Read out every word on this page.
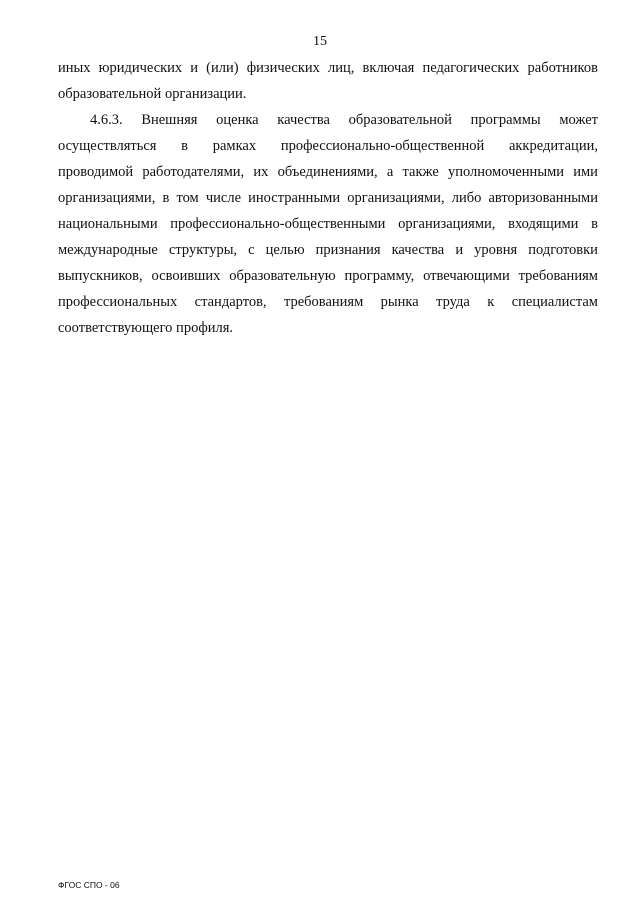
15
иных юридических и (или) физических лиц, включая педагогических работников
образовательной организации.
4.6.3. Внешняя оценка качества образовательной программы может
осуществляться в рамках профессионально-общественной аккредитации,
проводимой работодателями, их объединениями, а также уполномоченными ими
организациями, в том числе иностранными организациями, либо авторизованными
национальными профессионально-общественными организациями, входящими в
международные структуры, с целью признания качества и уровня подготовки
выпускников, освоивших образовательную программу, отвечающими требованиям
профессиональных стандартов, требованиям рынка труда к специалистам
соответствующего профиля.
ФГОС СПО - 06
